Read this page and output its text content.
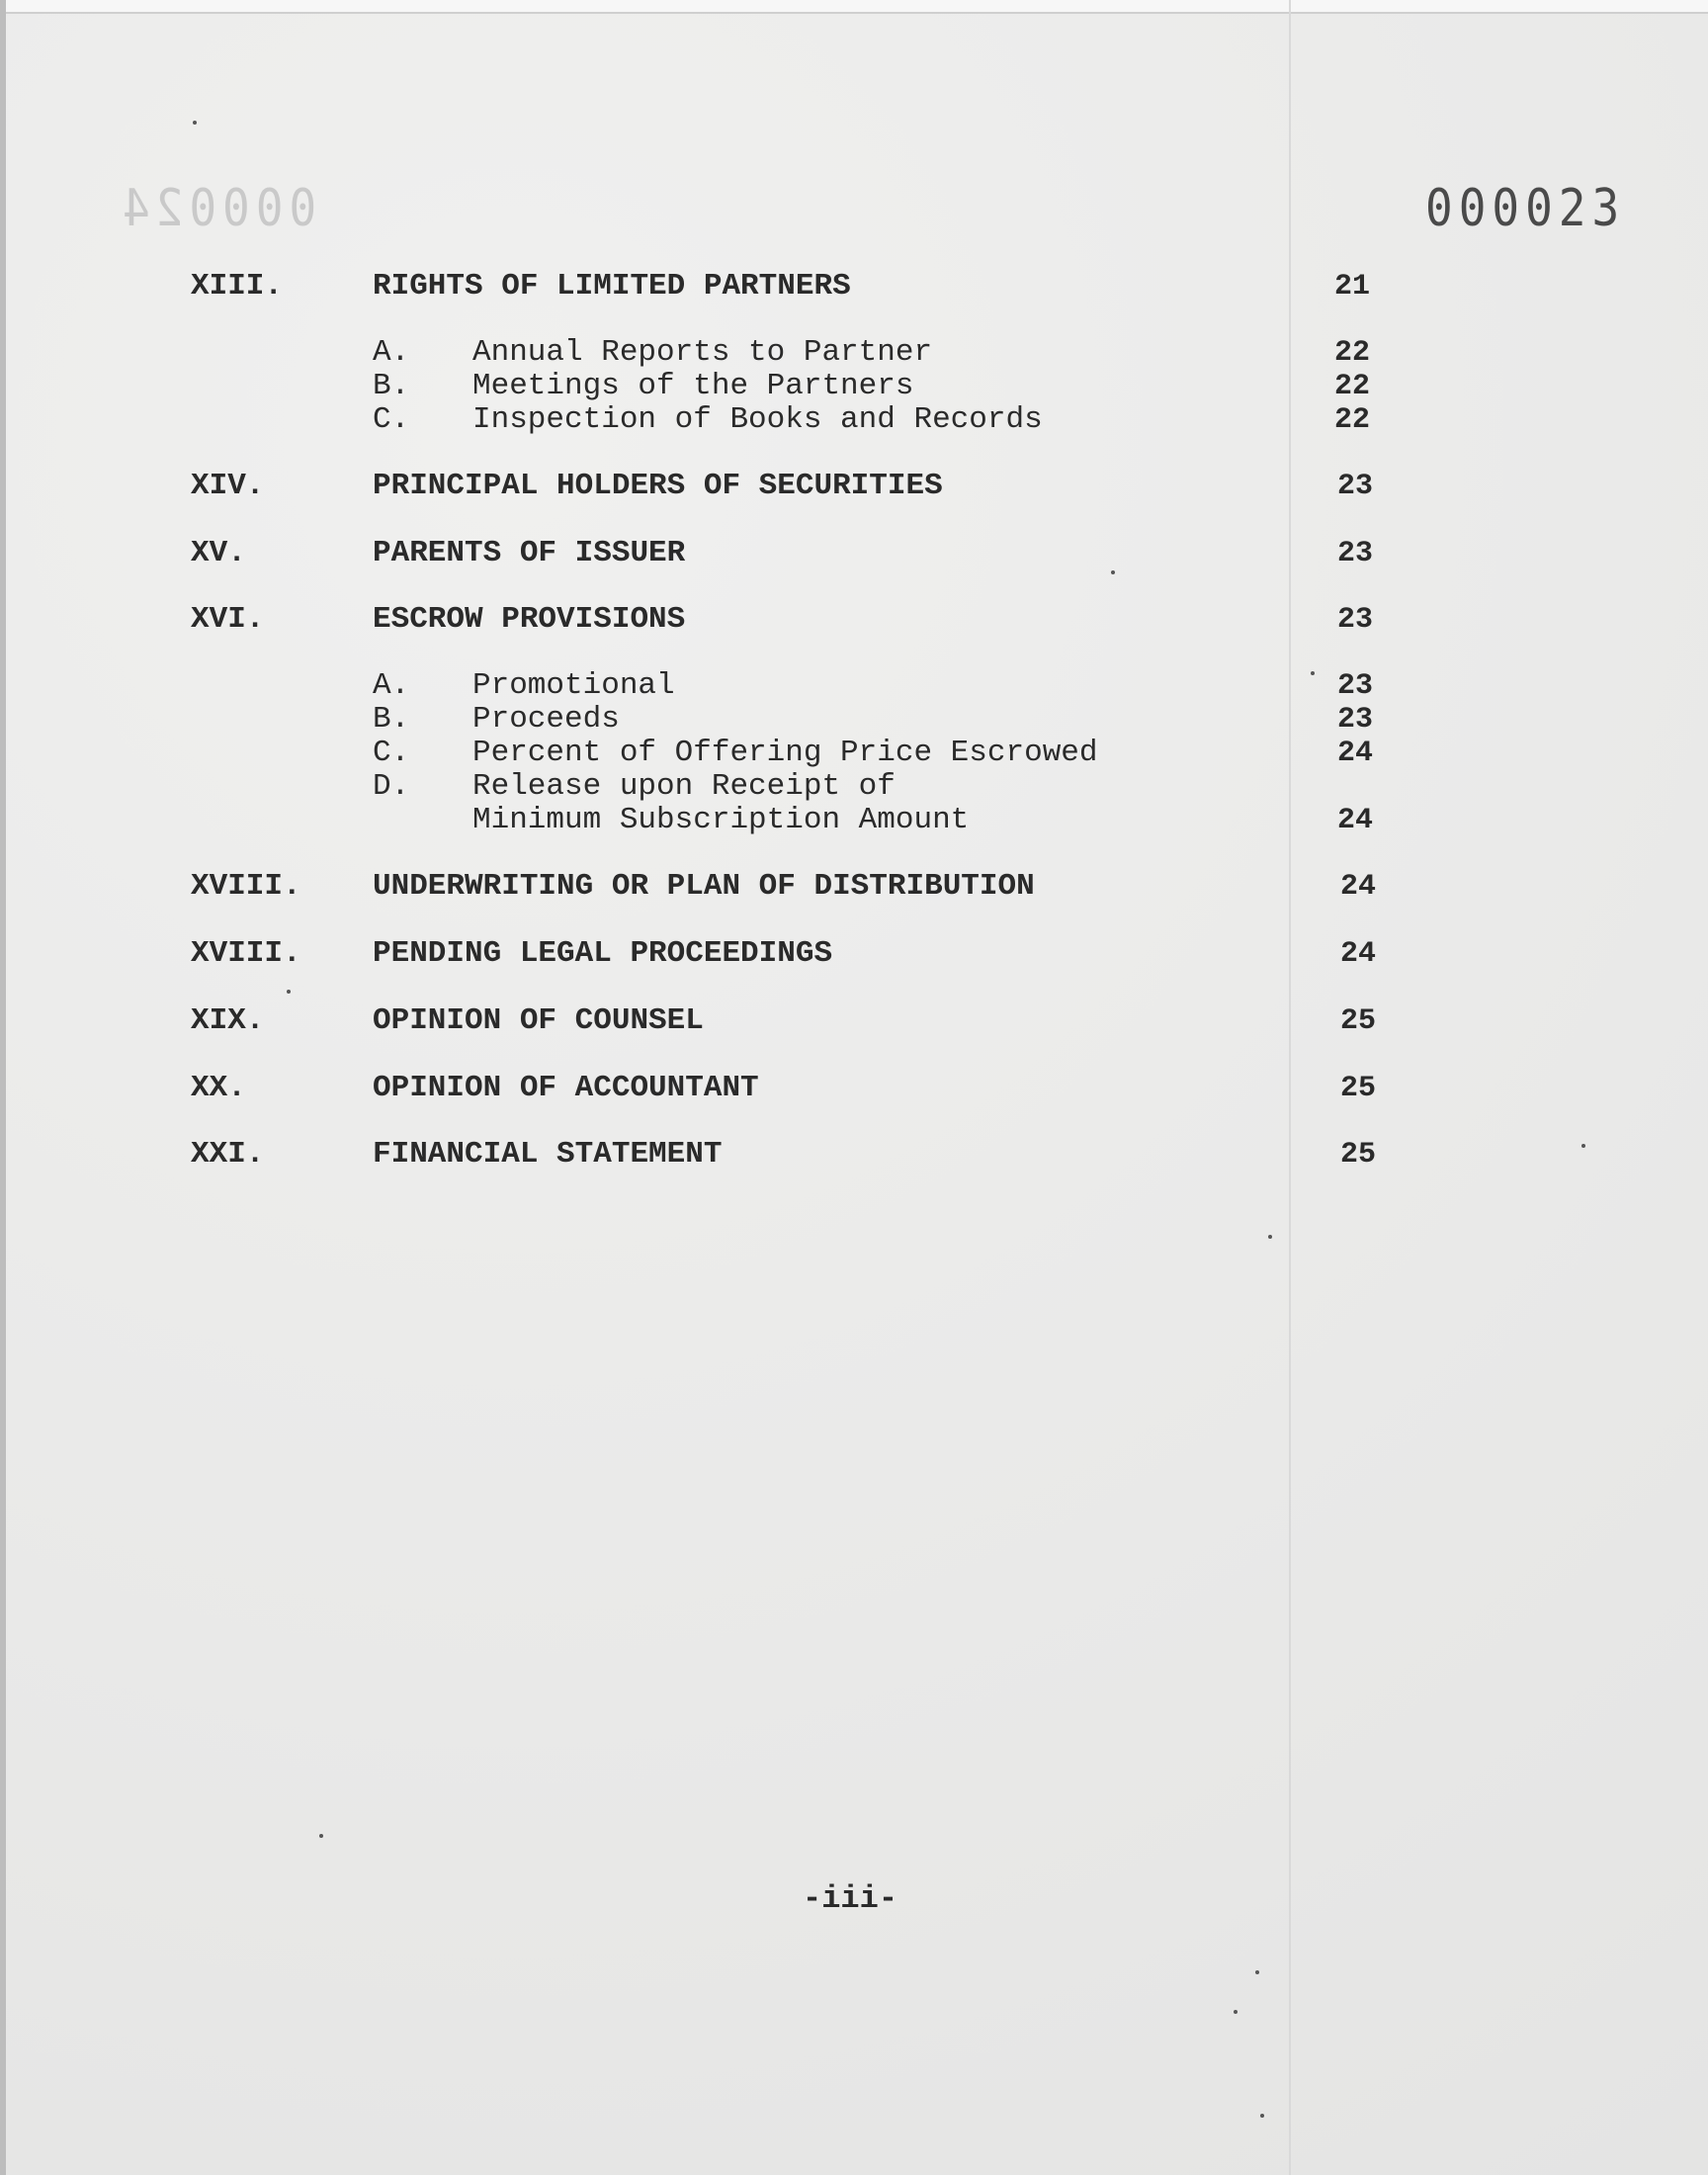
000024	000023
XIII.	RIGHTS OF LIMITED PARTNERS	21
A. Annual Reports to Partner	22
B. Meetings of the Partners	22
C. Inspection of Books and Records	22
XIV.	PRINCIPAL HOLDERS OF SECURITIES	23
XV.	PARENTS OF ISSUER	23
XVI.	ESCROW PROVISIONS	23
A. Promotional	23
B. Proceeds	23
C. Percent of Offering Price Escrowed	24
D. Release upon Receipt of
Minimum Subscription Amount	24
XVIII. UNDERWRITING OR PLAN OF DISTRIBUTION	24
XVIII. PENDING LEGAL PROCEEDINGS	24
XIX.	OPINION OF COUNSEL	25
XX.	OPINION OF ACCOUNTANT	25
XXI.	FINANCIAL STATEMENT	25
-iii-
